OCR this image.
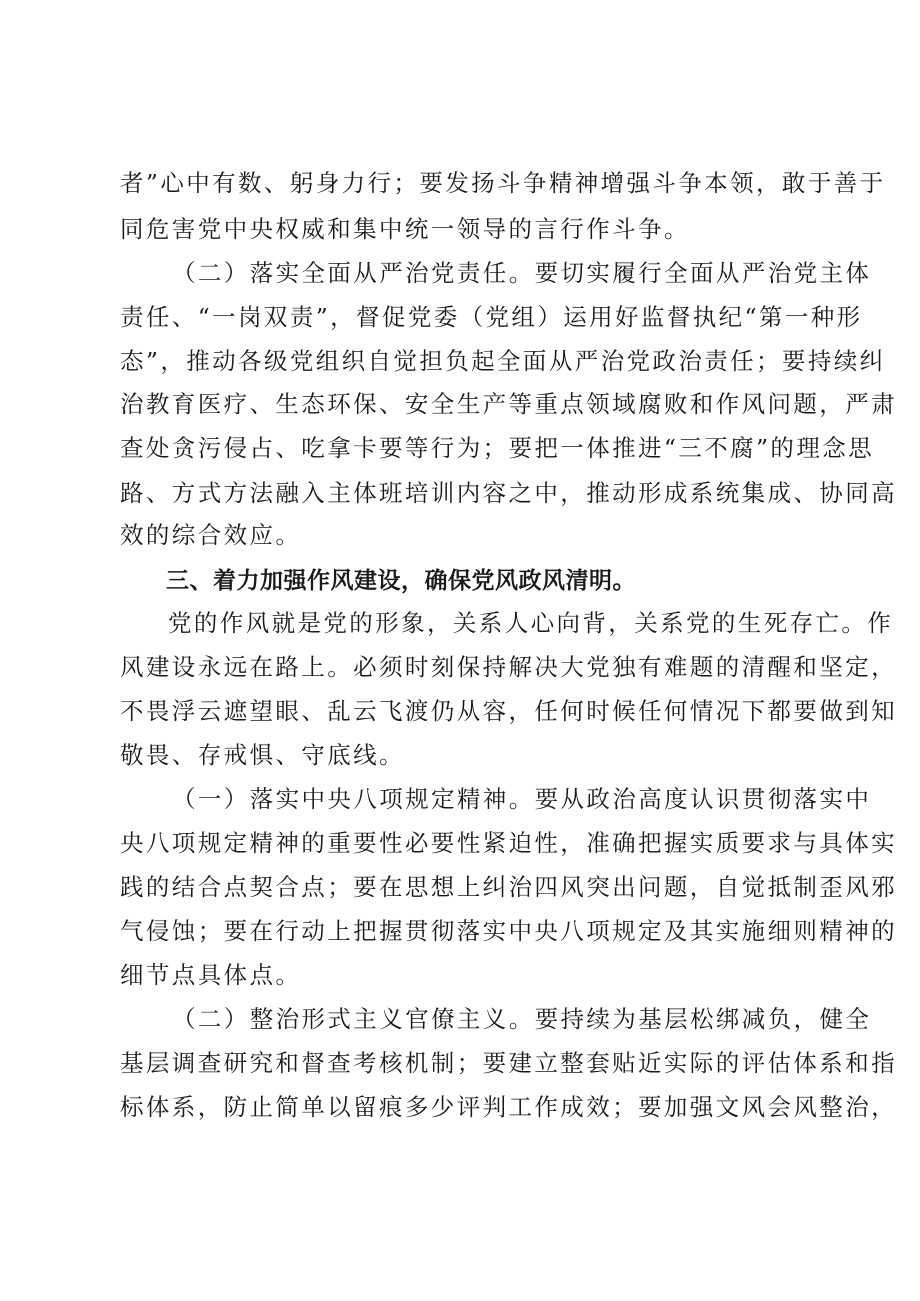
者”心中有数、躬身力行；要发扬斗争精神增强斗争本领，敢于善于
同危害党中央权威和集中统一领导的言行作斗争。
（二）落实全面从严治党责任。要切实履行全面从严治党主体
责任、“一岗双责”，督促党委（党组）运用好监督执纪“第一种形
态”，推动各级党组织自觉担负起全面从严治党政治责任；要持续纠
治教育医疗、生态环保、安全生产等重点领域腐败和作风问题，严肃
查处贪污侵占、吃拿卡要等行为；要把一体推进“三不腐”的理念思
路、方式方法融入主体班培训内容之中，推动形成系统集成、协同高
效的综合效应。
三、着力加强作风建设，确保党风政风清明。
党的作风就是党的形象，关系人心向背，关系党的生死存亡。作
风建设永远在路上。必须时刻保持解决大党独有难题的清醒和坚定，
不畏浮云遮望眼、乱云飞渡仍从容，任何时候任何情况下都要做到知
敬畏、存戒惧、守底线。
（一）落实中央八项规定精神。要从政治高度认识贯彻落实中
央八项规定精神的重要性必要性紧迫性，准确把握实质要求与具体实
践的结合点契合点；要在思想上纠治四风突出问题，自觉抵制歪风邪
气侵蚀；要在行动上把握贯彻落实中央八项规定及其实施细则精神的
细节点具体点。
（二）整治形式主义官僚主义。要持续为基层松绑减负，健全
基层调查研究和督查考核机制；要建立整套贴近实际的评估体系和指
标体系，防止简单以留痕多少评判工作成效；要加强文风会风整治，
